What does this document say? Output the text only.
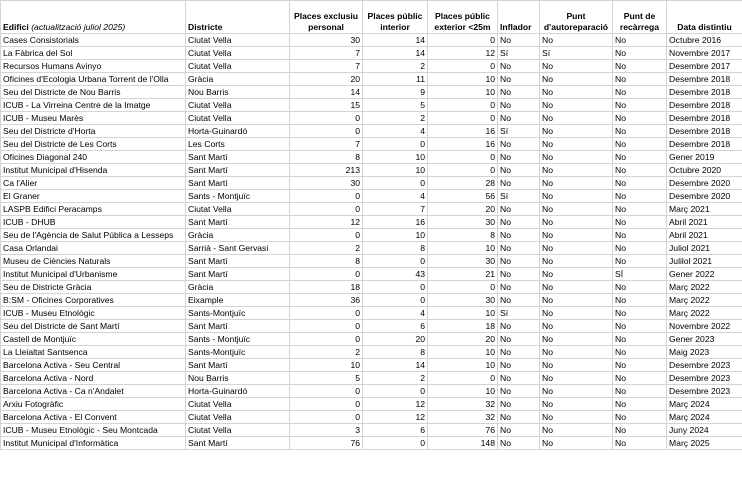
Edifici (actualització juliol 2025)	Districte	Places exclusiu personal	Places públic interior	Places públic exterior <25m	Inflador	Punt d'autoreparació	Punt de recàrrega	Data distintiu
Cases Consistorials	Ciutat Vella	30	14	0	No	No	No	Octubre 2016
La Fàbrica del Sol	Ciutat Vella	7	14	12	Sí	Sí	No	Novembre 2017
Recursos Humans Avinyo	Ciutat Vella	7	2	0	No	No	No	Desembre 2017
Oficines d'Ecologia Urbana Torrent de l'Olla	Gràcia	20	11	10	No	No	No	Desembre 2018
Seu del Districte de Nou Barris	Nou Barris	14	9	10	No	No	No	Desembre 2018
ICUB - La Virreina Centre de la Imatge	Ciutat Vella	15	5	0	No	No	No	Desembre 2018
ICUB - Museu Marès	Ciutat Vella	0	2	0	No	No	No	Desembre 2018
Seu del Districte d'Horta	Horta-Guinardó	0	4	16	Sí	No	No	Desembre 2018
Seu del Districte de Les Corts	Les Corts	7	0	16	No	No	No	Desembre 2018
Oficines Diagonal 240	Sant Martí	8	10	0	No	No	No	Gener 2019
Institut Municipal d'Hisenda	Sant Martí	213	10	0	No	No	No	Octubre 2020
Ca l'Alier	Sant Martí	30	0	28	No	No	No	Desembre 2020
El Graner	Sants - Montjuïc	0	4	56	Sí	No	No	Desembre 2020
LASPB Edifici Peracamps	Ciutat Vella	0	7	20	No	No	No	Març 2021
ICUB - DHUB	Sant Martí	12	16	30	No	No	No	Abril 2021
Seu de l'Agència de Salut Pública a Lesseps	Gràcia	0	10	8	No	No	No	Abril 2021
Casa Orlandai	Sarrià - Sant Gervasi	2	8	10	No	No	No	Juliol 2021
Museu de Ciències Naturals	Sant Martí	8	0	30	No	No	No	Julilol 2021
Institut Municipal d'Urbanisme	Sant Martí	0	43	21	No	No	SÍ	Gener 2022
Seu de Districte Gràcia	Gràcia	18	0	0	No	No	No	Març 2022
B:SM - Oficines Corporatives	Eixample	36	0	30	No	No	No	Març 2022
ICUB - Museu Etnològic	Sants-Montjuïc	0	4	10	Sí	No	No	Març 2022
Seu del Districte de Sant Martí	Sant Martí	0	6	18	No	No	No	Novembre 2022
Castell de Montjuïc	Sants - Montjuïc	0	20	20	No	No	No	Gener 2023
La Lleialtat Santsenca	Sants-Montjuïc	2	8	10	No	No	No	Maig 2023
Barcelona Activa - Seu Central	Sant Martí	10	14	10	No	No	No	Desembre 2023
Barcelona Activa - Nord	Nou Barris	5	2	0	No	No	No	Desembre 2023
Barcelona Activa - Ca n'Andalet	Horta-Guinardó	0	0	10	No	No	No	Desembre 2023
Arxiu Fotogràfic	Ciutat Vella	0	12	32	No	No	No	Març 2024
Barcelona Activa - El Convent	Ciutat Vella	0	12	32	No	No	No	Març 2024
ICUB - Museu Etnològic - Seu Montcada	Ciutat Vella	3	6	76	No	No	No	Juny 2024
Institut Municipal d'Informàtica	Sant Martí	76	0	148	No	No	No	Març 2025
